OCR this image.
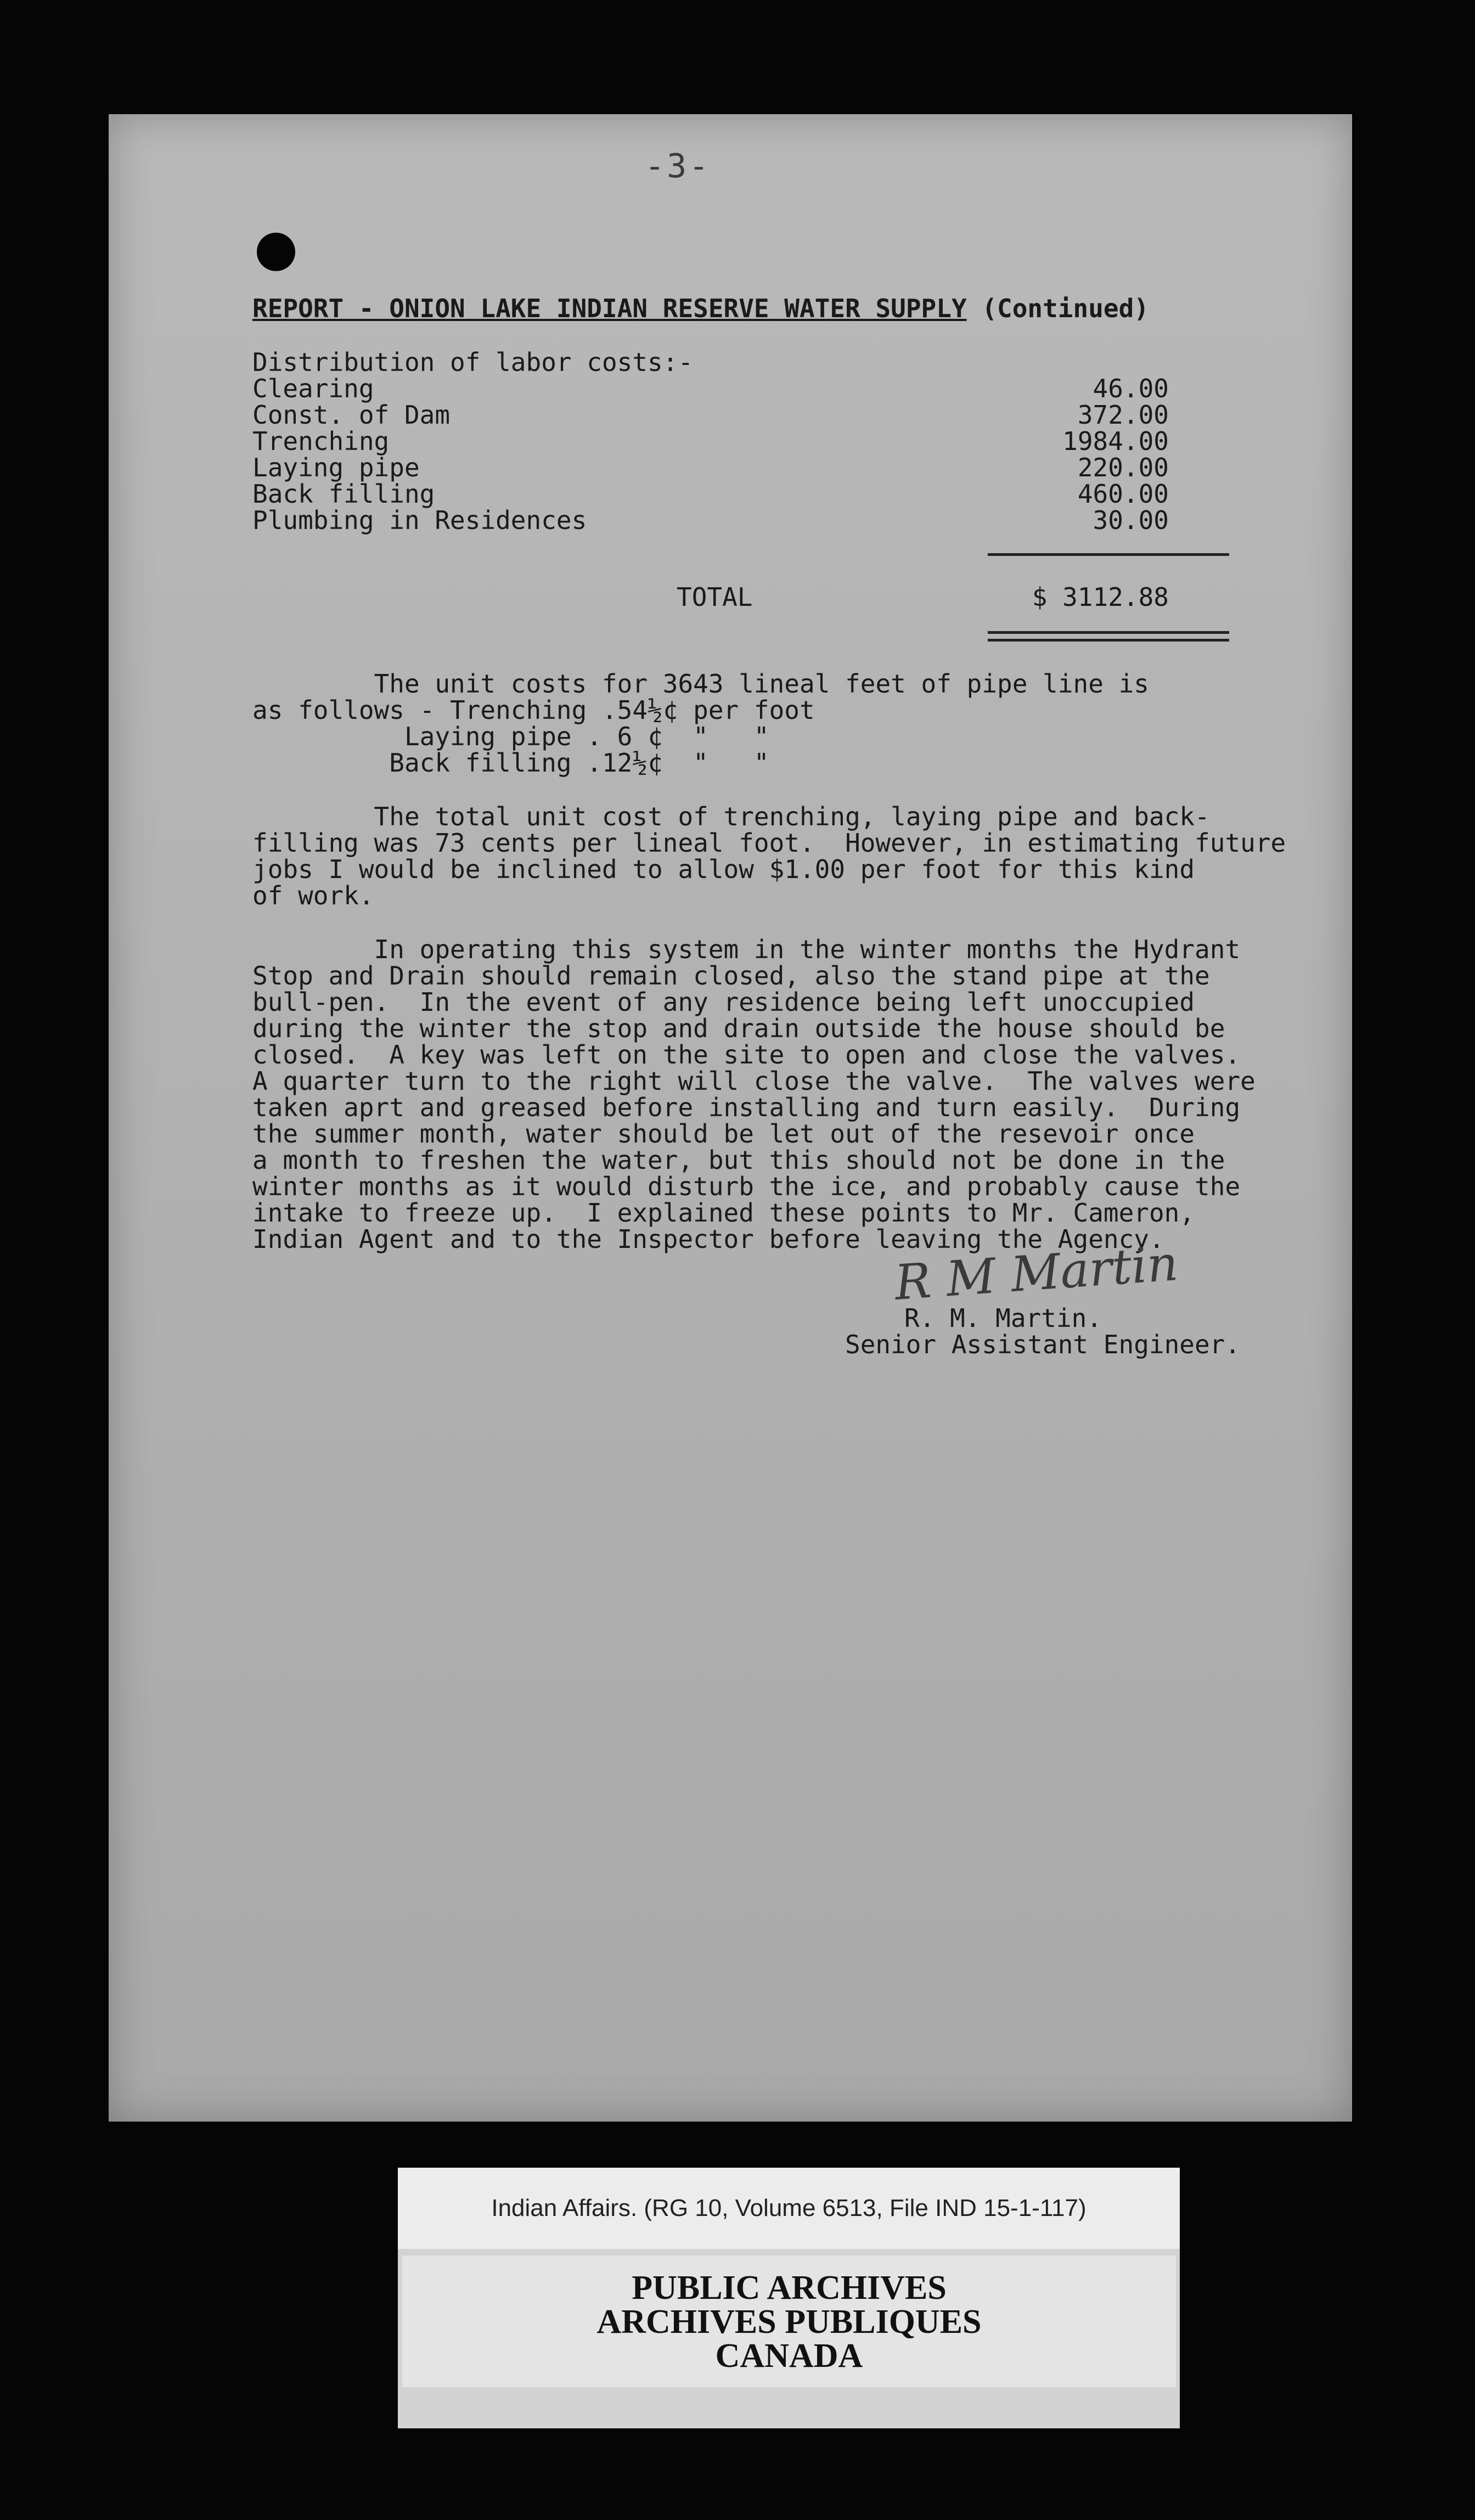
-3-
REPORT - ONION LAKE INDIAN RESERVE WATER SUPPLY (Continued)
Distribution of labor costs:-
Clearing	46.00
Const. of Dam	372.00
Trenching	1984.00
Laying pipe	220.00
Back filling	460.00
Plumbing in Residences	30.00
TOTAL	$ 3112.88
The unit costs for 3643 lineal feet of pipe line is
as follows - Trenching .54½¢ per foot
Laying pipe . 6 ¢  "   "
Back filling .12½¢  "   "
The total unit cost of trenching, laying pipe and back-
filling was 73 cents per lineal foot.  However, in estimating future
jobs I would be inclined to allow $1.00 per foot for this kind
of work.
In operating this system in the winter months the Hydrant
Stop and Drain should remain closed, also the stand pipe at the
bull-pen.  In the event of any residence being left unoccupied
during the winter the stop and drain outside the house should be
closed.  A key was left on the site to open and close the valves.
A quarter turn to the right will close the valve.  The valves were
taken aprt and greased before installing and turn easily.  During
the summer month, water should be let out of the resevoir once
a month to freshen the water, but this should not be done in the
winter months as it would disturb the ice, and probably cause the
intake to freeze up.  I explained these points to Mr. Cameron,
Indian Agent and to the Inspector before leaving the Agency.
R M Martin
R. M. Martin.
Senior Assistant Engineer.
Indian Affairs. (RG 10, Volume 6513, File IND 15-1-117)
PUBLIC ARCHIVES
ARCHIVES PUBLIQUES
CANADA
